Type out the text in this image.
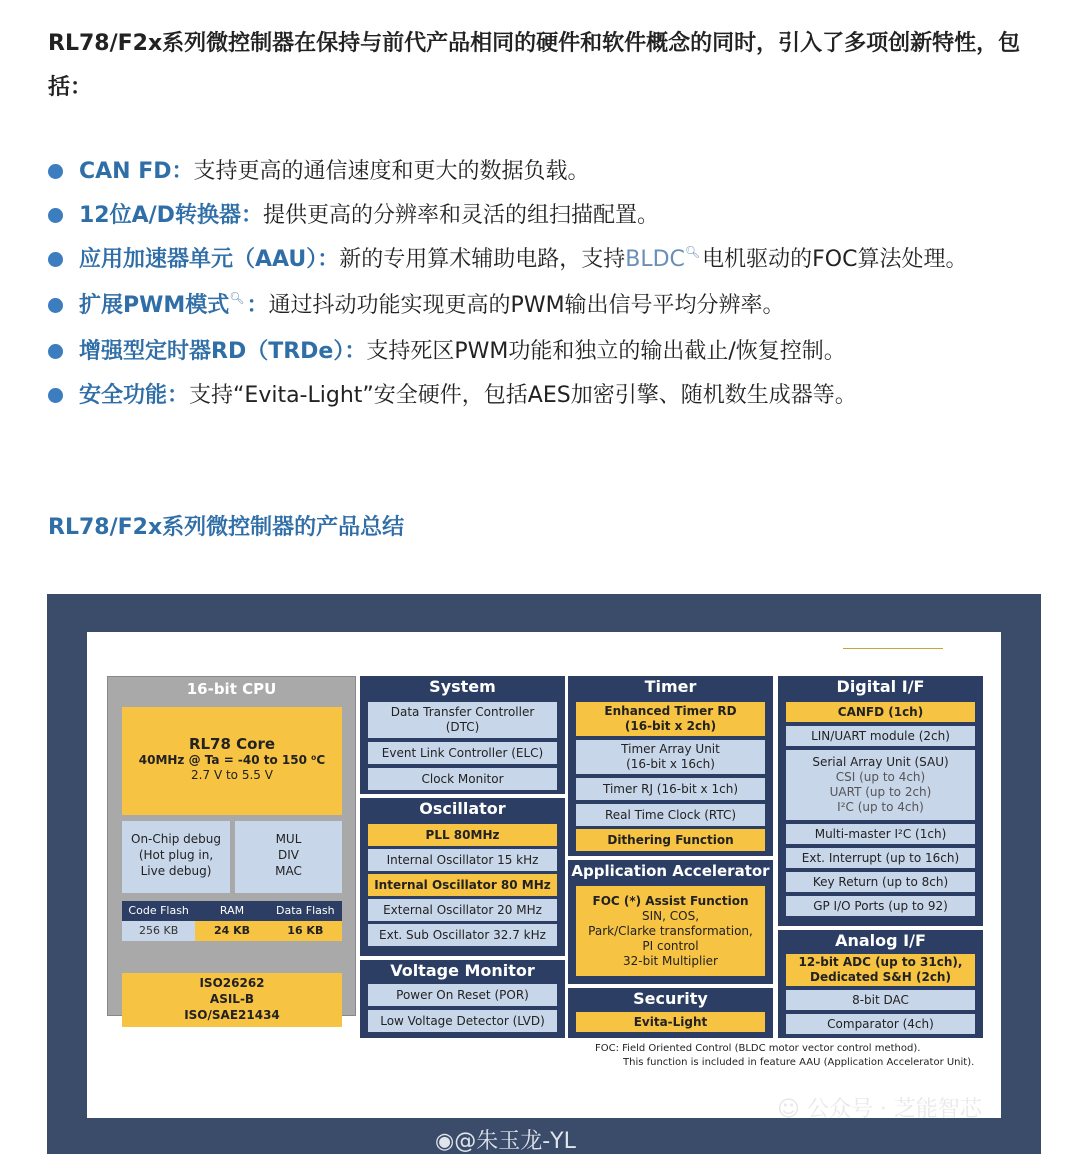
RL78/F2x系列微控制器在保持与前代产品相同的硬件和软件概念的同时，引入了多项创新特性，包括：
CAN FD：支持更高的通信速度和更大的数据负载。
12位A/D转换器：提供更高的分辨率和灵活的组扫描配置。
应用加速器单元（AAU）：新的专用算术辅助电路，支持BLDC🔍︎电机驱动的FOC算法处理。
扩展PWM模式🔍︎：通过抖动功能实现更高的PWM输出信号平均分辨率。
增强型定时器RD（TRDe）：支持死区PWM功能和独立的输出截止/恢复控制。
安全功能：支持“Evita-Light”安全硬件，包括AES加密引擎、随机数生成器等。
RL78/F2x系列微控制器的产品总结
16-bit CPU
RL78 Core
40MHz @ Ta = -40 to 150 ⁰C
2.7 V to 5.5 V
On-Chip debug
(Hot plug in,
Live debug)
MUL
DIV
MAC
Code Flash	RAM	Data Flash
256 KB	24 KB	16 KB
ISO26262
ASIL-B
ISO/SAE21434
System
Data Transfer Controller
(DTC)
Event Link Controller (ELC)
Clock Monitor
Oscillator
PLL 80MHz
Internal Oscillator 15 kHz
Internal Oscillator 80 MHz
External Oscillator 20 MHz
Ext. Sub Oscillator 32.7 kHz
Voltage Monitor
Power On Reset (POR)
Low Voltage Detector (LVD)
Timer
Enhanced Timer RD
(16-bit x 2ch)
Timer Array Unit
(16-bit x 16ch)
Timer RJ (16-bit x 1ch)
Real Time Clock (RTC)
Dithering Function
Application Accelerator
FOC (*) Assist Function
SIN, COS,
Park/Clarke transformation,
PI control
32-bit Multiplier
Security
Evita-Light
Digital I/F
CANFD (1ch)
LIN/UART module (2ch)
Serial Array Unit (SAU)
CSI (up to 4ch)
UART (up to 2ch)
I²C (up to 4ch)
Multi-master I²C (1ch)
Ext. Interrupt (up to 16ch)
Key Return (up to 8ch)
GP I/O Ports (up to 92)
Analog I/F
12-bit ADC (up to 31ch),
Dedicated S&H (2ch)
8-bit DAC
Comparator (4ch)
FOC: Field Oriented Control (BLDC motor vector control method).
This function is included in feature AAU (Application Accelerator Unit).
☺ 公众号 · 芝能智芯
◉@朱玉龙-YL
